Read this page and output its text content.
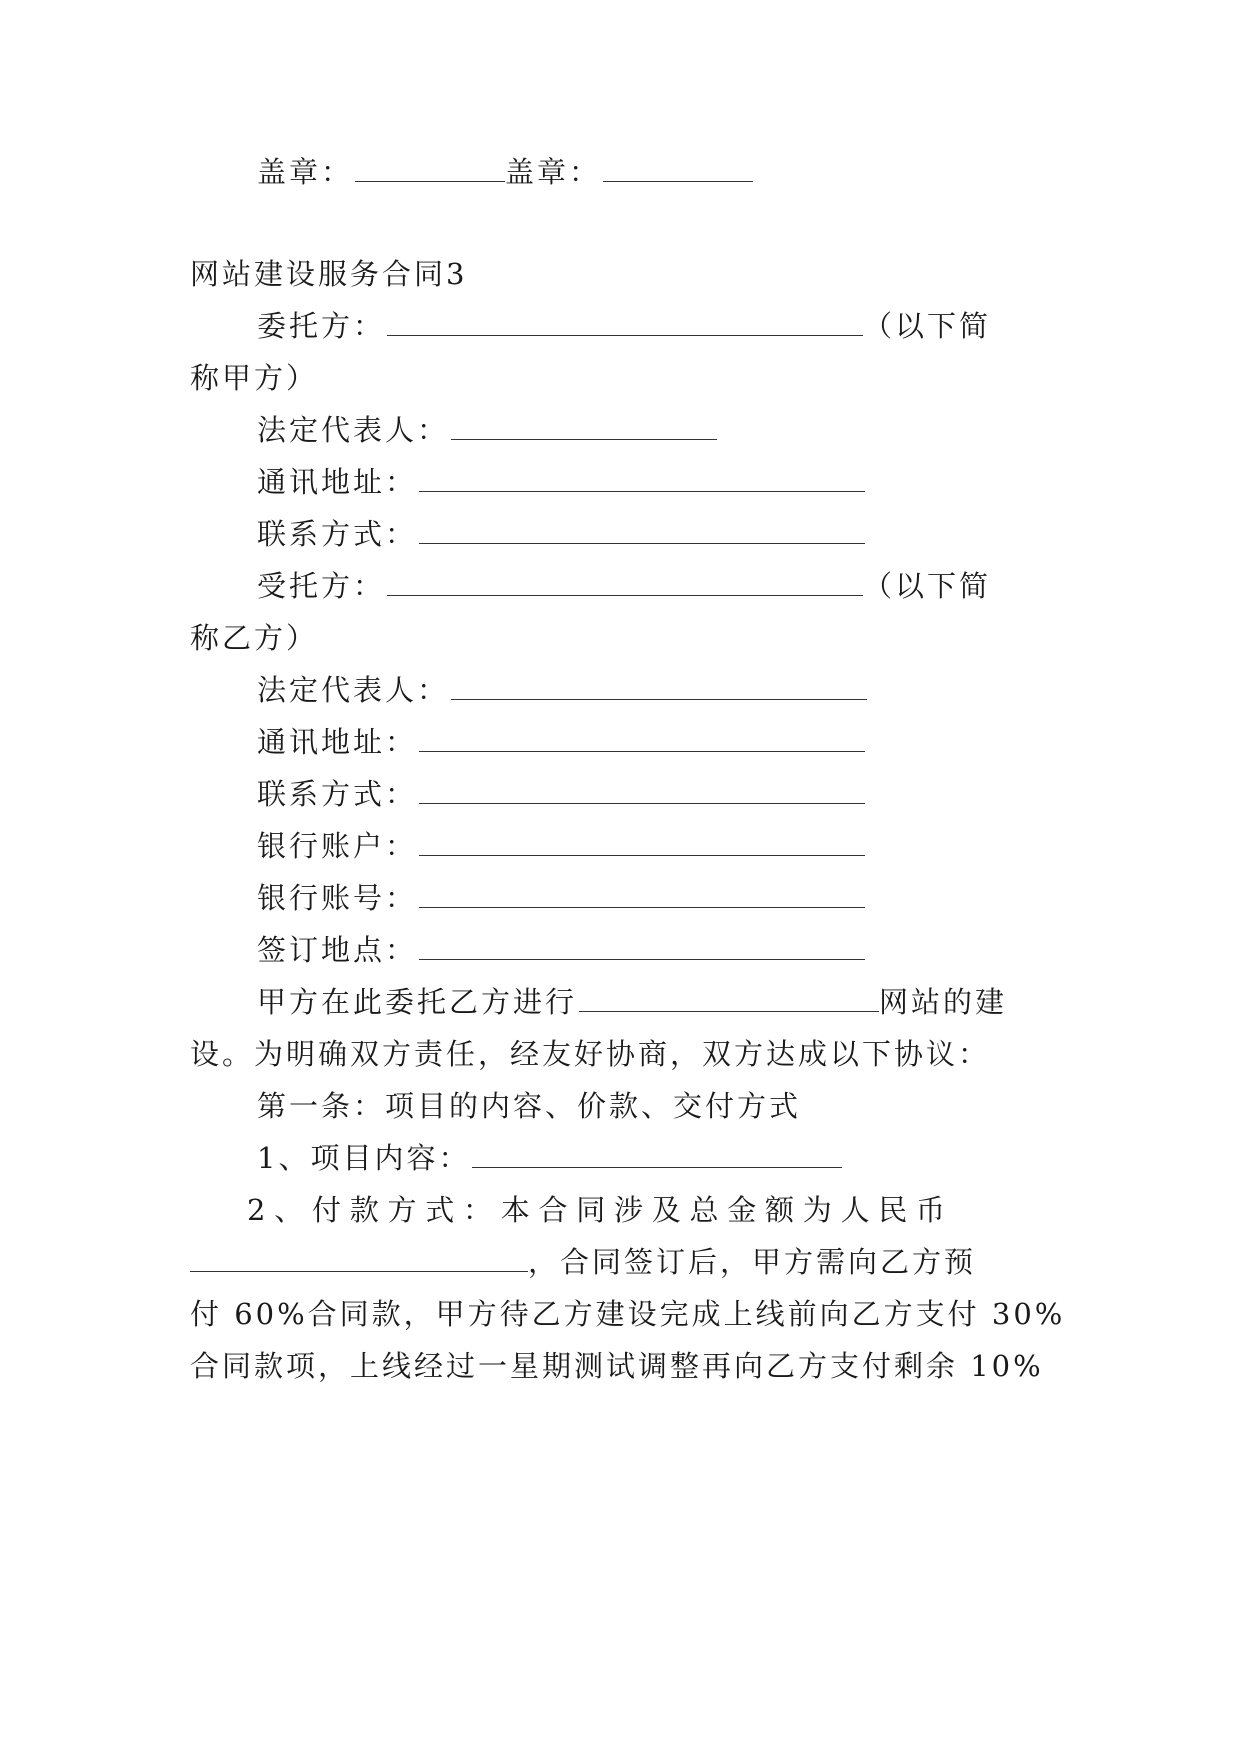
盖章：	盖章：
网站建设服务合同3
委托方：	（以下简
称甲方）
法定代表人：
通讯地址：
联系方式：
受托方：	（以下简
称乙方）
法定代表人：
通讯地址：
联系方式：
银行账户：
银行账号：
签订地点：
甲方在此委托乙方进行	网站的建
设。为明确双方责任，经友好协商，双方达成以下协议：
第一条：项目的内容、价款、交付方式
1、项目内容：
2 、 付 款 方 式 ： 本 合 同 涉 及 总 金 额 为 人 民 币
，合同签订后，甲方需向乙方预
付 60%合同款，甲方待乙方建设完成上线前向乙方支付 30%
合同款项，上线经过一星期测试调整再向乙方支付剩余 10%
